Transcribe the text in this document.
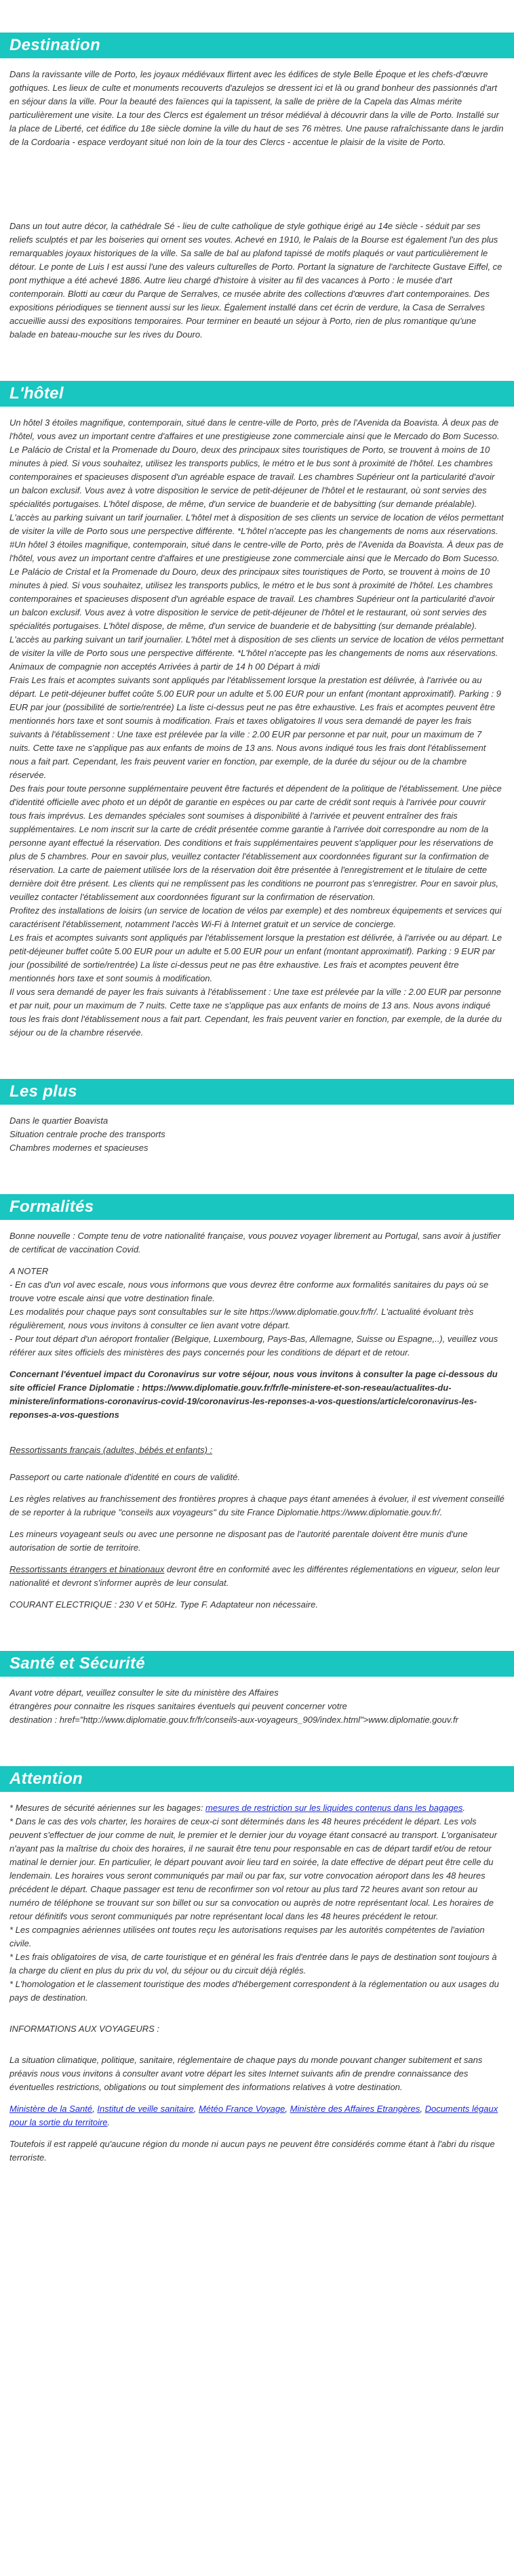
Destination

Dans la ravissante ville de Porto, les joyaux médiévaux flirtent avec les édifices de style Belle Époque et les chefs-d'œuvre gothiques. Les lieux de culte et monuments recouverts d'azulejos se dressent ici et là ou grand bonheur des passionnés d'art en séjour dans la ville. Pour la beauté des faïences qui la tapissent, la salle de prière de la Capela das Almas mérite particulièrement une visite. La tour des Clercs est également un trésor médiéval à découvrir dans la ville de Porto. Installé sur la place de Liberté, cet édifice du 18e siècle domine la ville du haut de ses 76 mètres. Une pause rafraîchissante dans le jardin de la Cordoaria - espace verdoyant situé non loin de la tour des Clercs - accentue le plaisir de la visite de Porto.

Dans un tout autre décor, la cathédrale Sé - lieu de culte catholique de style gothique érigé au 14e siècle - séduit par ses reliefs sculptés et par les boiseries qui ornent ses voutes. Achevé en 1910, le Palais de la Bourse est également l'un des plus remarquables joyaux historiques de la ville. Sa salle de bal au plafond tapissé de motifs plaqués or vaut particulièrement le détour. Le ponte de Luis I est aussi l'une des valeurs culturelles de Porto. Portant la signature de l'architecte Gustave Eiffel, ce pont mythique a été achevé 1886. Autre lieu chargé d'histoire à visiter au fil des vacances à Porto : le musée d'art contemporain. Blotti au cœur du Parque de Serralves, ce musée abrite des collections d'œuvres d'art contemporaines. Des expositions périodiques se tiennent aussi sur les lieux. Également installé dans cet écrin de verdure, la Casa de Serralves accueillie aussi des expositions temporaires. Pour terminer en beauté un séjour à Porto, rien de plus romantique qu'une balade en bateau-mouche sur les rives du Douro.

L'hôtel

Un hôtel 3 étoiles magnifique, contemporain, situé dans le centre-ville de Porto, près de l'Avenida da Boavista. À deux pas de l'hôtel, vous avez un important centre d'affaires et une prestigieuse zone commerciale ainsi que le Mercado do Bom Sucesso. Le Palácio de Cristal et la Promenade du Douro, deux des principaux sites touristiques de Porto, se trouvent à moins de 10 minutes à pied. Si vous souhaitez, utilisez les transports publics, le métro et le bus sont à proximité de l'hôtel. Les chambres contemporaines et spacieuses disposent d'un agréable espace de travail. Les chambres Supérieur ont la particularité d'avoir un balcon exclusif. Vous avez à votre disposition le service de petit-déjeuner de l'hôtel et le restaurant, où sont servies des spécialités portugaises. L'hôtel dispose, de même, d'un service de buanderie et de babysitting (sur demande préalable). L'accès au parking suivant un tarif journalier. L'hôtel met à disposition de ses clients un service de location de vélos permettant de visiter la ville de Porto sous une perspective différente. *L'hôtel n'accepte pas les changements de noms aux réservations.
#Un hôtel 3 étoiles magnifique, contemporain, situé dans le centre-ville de Porto, près de l'Avenida da Boavista. À deux pas de l'hôtel, vous avez un important centre d'affaires et une prestigieuse zone commerciale ainsi que le Mercado do Bom Sucesso. Le Palácio de Cristal et la Promenade du Douro, deux des principaux sites touristiques de Porto, se trouvent à moins de 10 minutes à pied. Si vous souhaitez, utilisez les transports publics, le métro et le bus sont à proximité de l'hôtel. Les chambres contemporaines et spacieuses disposent d'un agréable espace de travail. Les chambres Supérieur ont la particularité d'avoir un balcon exclusif. Vous avez à votre disposition le service de petit-déjeuner de l'hôtel et le restaurant, où sont servies des spécialités portugaises. L'hôtel dispose, de même, d'un service de buanderie et de babysitting (sur demande préalable). L'accès au parking suivant un tarif journalier. L'hôtel met à disposition de ses clients un service de location de vélos permettant de visiter la ville de Porto sous une perspective différente. *L'hôtel n'accepte pas les changements de noms aux réservations.
Animaux de compagnie non acceptés Arrivées à partir de 14 h 00 Départ à midi
Frais Les frais et acomptes suivants sont appliqués par l'établissement lorsque la prestation est délivrée, à l'arrivée ou au départ. Le petit-déjeuner buffet coûte 5.00 EUR pour un adulte et 5.00 EUR pour un enfant (montant approximatif). Parking : 9 EUR par jour (possibilité de sortie/rentrée) La liste ci-dessus peut ne pas être exhaustive. Les frais et acomptes peuvent être mentionnés hors taxe et sont soumis à modification. Frais et taxes obligatoires Il vous sera demandé de payer les frais suivants à l'établissement : Une taxe est prélevée par la ville : 2.00 EUR par personne et par nuit, pour un maximum de 7 nuits. Cette taxe ne s'applique pas aux enfants de moins de 13 ans. Nous avons indiqué tous les frais dont l'établissement nous a fait part. Cependant, les frais peuvent varier en fonction, par exemple, de la durée du séjour ou de la chambre réservée.
Des frais pour toute personne supplémentaire peuvent être facturés et dépendent de la politique de l'établissement. Une pièce d'identité officielle avec photo et un dépôt de garantie en espèces ou par carte de crédit sont requis à l'arrivée pour couvrir tous frais imprévus. Les demandes spéciales sont soumises à disponibilité à l'arrivée et peuvent entraîner des frais supplémentaires. Le nom inscrit sur la carte de crédit présentée comme garantie à l'arrivée doit correspondre au nom de la personne ayant effectué la réservation. Des conditions et frais supplémentaires peuvent s'appliquer pour les réservations de plus de 5 chambres. Pour en savoir plus, veuillez contacter l'établissement aux coordonnées figurant sur la confirmation de réservation. La carte de paiement utilisée lors de la réservation doit être présentée à l'enregistrement et le titulaire de cette dernière doit être présent. Les clients qui ne remplissent pas les conditions ne pourront pas s'enregistrer. Pour en savoir plus, veuillez contacter l'établissement aux coordonnées figurant sur la confirmation de réservation.
Profitez des installations de loisirs (un service de location de vélos par exemple) et des nombreux équipements et services qui caractérisent l'établissement, notamment l'accès Wi-Fi à Internet gratuit et un service de concierge.
Les frais et acomptes suivants sont appliqués par l'établissement lorsque la prestation est délivrée, à l'arrivée ou au départ. Le petit-déjeuner buffet coûte 5.00 EUR pour un adulte et 5.00 EUR pour un enfant (montant approximatif). Parking : 9 EUR par jour (possibilité de sortie/rentrée) La liste ci-dessus peut ne pas être exhaustive. Les frais et acomptes peuvent être mentionnés hors taxe et sont soumis à modification.
Il vous sera demandé de payer les frais suivants à l'établissement : Une taxe est prélevée par la ville : 2.00 EUR par personne et par nuit, pour un maximum de 7 nuits. Cette taxe ne s'applique pas aux enfants de moins de 13 ans. Nous avons indiqué tous les frais dont l'établissement nous a fait part. Cependant, les frais peuvent varier en fonction, par exemple, de la durée du séjour ou de la chambre réservée.

Les plus

Dans le quartier Boavista
Situation centrale proche des transports
Chambres modernes et spacieuses

Formalités

Bonne nouvelle : Compte tenu de votre nationalité française, vous pouvez voyager librement au Portugal, sans avoir à justifier de certificat de vaccination Covid.

A NOTER
- En cas d'un vol avec escale, nous vous informons que vous devrez être conforme aux formalités sanitaires du pays où se trouve votre escale ainsi que votre destination finale.
Les modalités pour chaque pays sont consultables sur le site https://www.diplomatie.gouv.fr/fr/. L'actualité évoluant très régulièrement, nous vous invitons à consulter ce lien avant votre départ.
- Pour tout départ d'un aéroport frontalier (Belgique, Luxembourg, Pays-Bas, Allemagne, Suisse ou Espagne,..), veuillez vous référer aux sites officiels des ministères des pays concernés pour les conditions de départ et de retour.

Concernant l'éventuel impact du Coronavirus sur votre séjour, nous vous invitons à consulter la page ci-dessous du site officiel France Diplomatie : https://www.diplomatie.gouv.fr/fr/le-ministere-et-son-reseau/actualites-du-ministere/informations-coronavirus-covid-19/coronavirus-les-reponses-a-vos-questions/article/coronavirus-les-reponses-a-vos-questions

Ressortissants français (adultes, bébés et enfants) :

Passeport ou carte nationale d'identité en cours de validité.

Les règles relatives au franchissement des frontières propres à chaque pays étant amenées à évoluer, il est vivement conseillé de se reporter à la rubrique "conseils aux voyageurs" du site France Diplomatie.https://www.diplomatie.gouv.fr/.

Les mineurs voyageant seuls ou avec une personne ne disposant pas de l'autorité parentale doivent être munis d'une autorisation de sortie de territoire.

Ressortissants étrangers et binationaux devront être en conformité avec les différentes réglementations en vigueur, selon leur nationalité et devront s'informer auprès de leur consulat.

COURANT ELECTRIQUE : 230 V et 50Hz. Type F. Adaptateur non nécessaire.

Santé et Sécurité

Avant votre départ, veuillez consulter le site du ministère des Affaires
étrangères pour connaitre les risques sanitaires éventuels qui peuvent concerner votre
destination : href="http://www.diplomatie.gouv.fr/fr/conseils-aux-voyageurs_909/index.html">www.diplomatie.gouv.fr

Attention

* Mesures de sécurité aériennes sur les bagages: mesures de restriction sur les liquides contenus dans les bagages.
* Dans le cas des vols charter, les horaires de ceux-ci sont déterminés dans les 48 heures précédent le départ. Les vols peuvent s'effectuer de jour comme de nuit, le premier et le dernier jour du voyage étant consacré au transport. L'organisateur n'ayant pas la maîtrise du choix des horaires, il ne saurait être tenu pour responsable en cas de départ tardif et/ou de retour matinal le dernier jour. En particulier, le départ pouvant avoir lieu tard en soirée, la date effective de départ peut être celle du lendemain. Les horaires vous seront communiqués par mail ou par fax, sur votre convocation aéroport dans les 48 heures précédent le départ. Chaque passager est tenu de reconfirmer son vol retour au plus tard 72 heures avant son retour au numéro de téléphone se trouvant sur son billet ou sur sa convocation ou auprès de notre représentant local. Les horaires de retour définitifs vous seront communiqués par notre représentant local dans les 48 heures précédent le retour.
* Les compagnies aériennes utilisées ont toutes reçu les autorisations requises par les autorités compétentes de l'aviation civile.
* Les frais obligatoires de visa, de carte touristique et en général les frais d'entrée dans le pays de destination sont toujours à la charge du client en plus du prix du vol, du séjour ou du circuit déjà réglés.
* L'homologation et le classement touristique des modes d'hébergement correspondent à la réglementation ou aux usages du pays de destination.

INFORMATIONS AUX VOYAGEURS :

La situation climatique, politique, sanitaire, réglementaire de chaque pays du monde pouvant changer subitement et sans préavis nous vous invitons à consulter avant votre départ les sites Internet suivants afin de prendre connaissance des éventuelles restrictions, obligations ou tout simplement des informations relatives à votre destination.

Ministère de la Santé, Institut de veille sanitaire, Météo France Voyage, Ministère des Affaires Etrangères, Documents légaux pour la sortie du territoire.

Toutefois il est rappelé qu'aucune région du monde ni aucun pays ne peuvent être considérés comme étant à l'abri du risque terroriste.
